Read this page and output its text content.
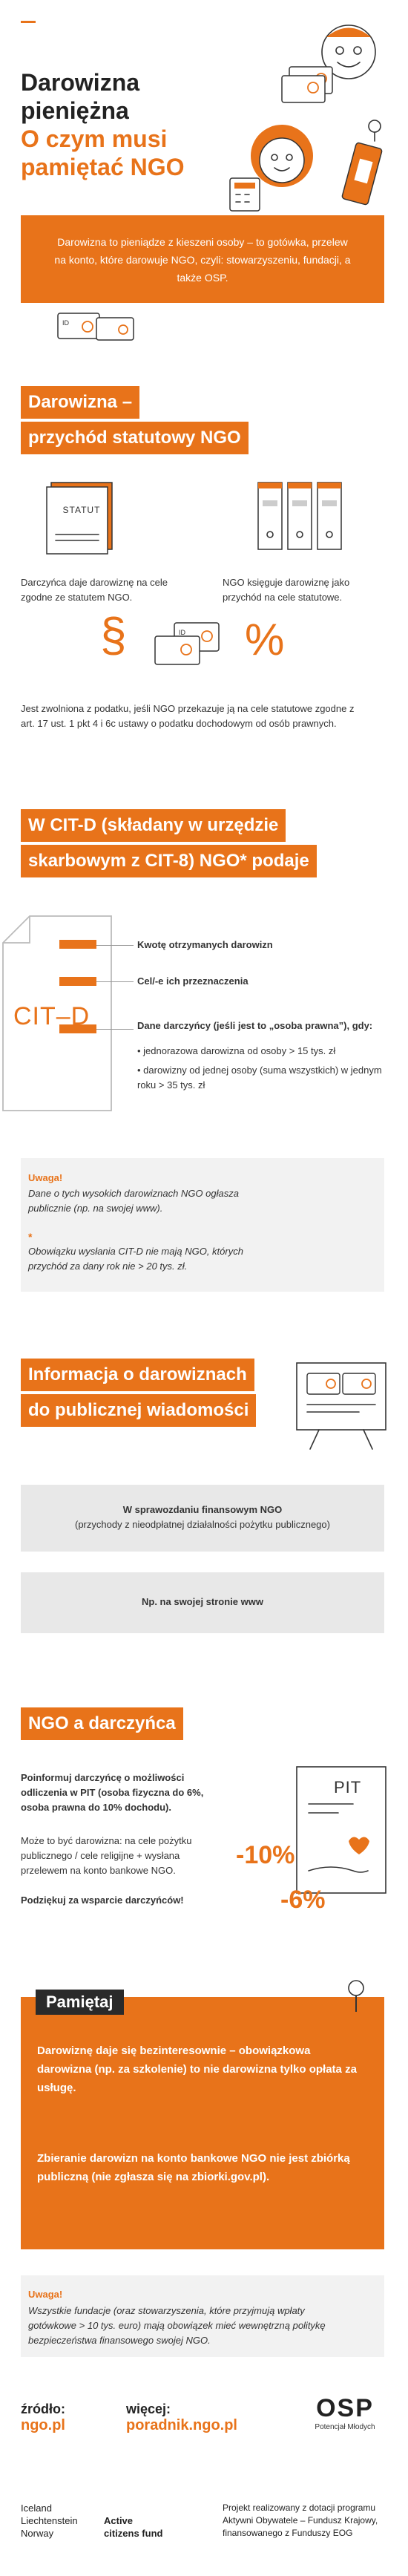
Darowizna pieniężna
O czym musi
pamiętać NGO
Darowizna to pieniądze z kieszeni osoby – to gotówka, przelew na konto, które darowuje NGO, czyli: stowarzyszeniu, fundacji, a także OSP.
ID
Darowizna –
przychód statutowy NGO
STATUT
Darczyńca daje darowiznę na cele zgodne ze statutem NGO.
NGO księguje darowiznę jako przychód na cele statutowe.
§	ID %
Jest zwolniona z podatku, jeśli NGO przekazuje ją na cele statutowe zgodne z art. 17 ust. 1 pkt 4 i 6c ustawy o podatku dochodowym od osób prawnych.
W CIT-D (składany w urzędzie
skarbowym z CIT-8) NGO* podaje
CIT–D
Kwotę otrzymanych darowizn
Cel/-e ich przeznaczenia
Dane darczyńcy (jeśli jest to „osoba prawna”), gdy:
• jednorazowa darowizna od osoby > 15 tys. zł
• darowizny od jednej osoby (suma wszystkich) w jednym roku > 35 tys. zł
Uwaga!
Dane o tych wysokich darowiznach NGO ogłasza publicznie (np. na swojej www).
*
Obowiązku wysłania CIT-D nie mają NGO, których przychód za dany rok nie > 20 tys. zł.
Informacja o darowiznach
do publicznej wiadomości
W sprawozdaniu finansowym NGO
(przychody z nieodpłatnej działalności pożytku publicznego)
Np. na swojej stronie www
NGO a darczyńca
Poinformuj darczyńcę o możliwości odliczenia w PIT (osoba fizyczna do 6%, osoba prawna do 10% dochodu).
Może to być darowizna: na cele pożytku publicznego / cele religijne + wysłana przelewem na konto bankowe NGO.
Podziękuj za wsparcie darczyńców!
PIT
-10%
-6%
Pamiętaj
Darowiznę daje się bezinteresownie – obowiązkowa darowizna (np. za szkolenie) to nie darowizna tylko opłata za usługę.
Zbieranie darowizn na konto bankowe NGO nie jest zbiórką publiczną (nie zgłasza się na zbiorki.gov.pl).
Uwaga!
Wszystkie fundacje (oraz stowarzyszenia, które przyjmują wpłaty gotówkowe > 10 tys. euro) mają obowiązek mieć wewnętrzną politykę bezpieczeństwa finansowego swojej NGO.
źródło:
ngo.pl
więcej:
poradnik.ngo.pl
OSP
Potencjał Młodych
Iceland
Liechtenstein
Norway
Active
citizens fund
Projekt realizowany z dotacji programu Aktywni Obywatele – Fundusz Krajowy, finansowanego z Funduszy EOG
